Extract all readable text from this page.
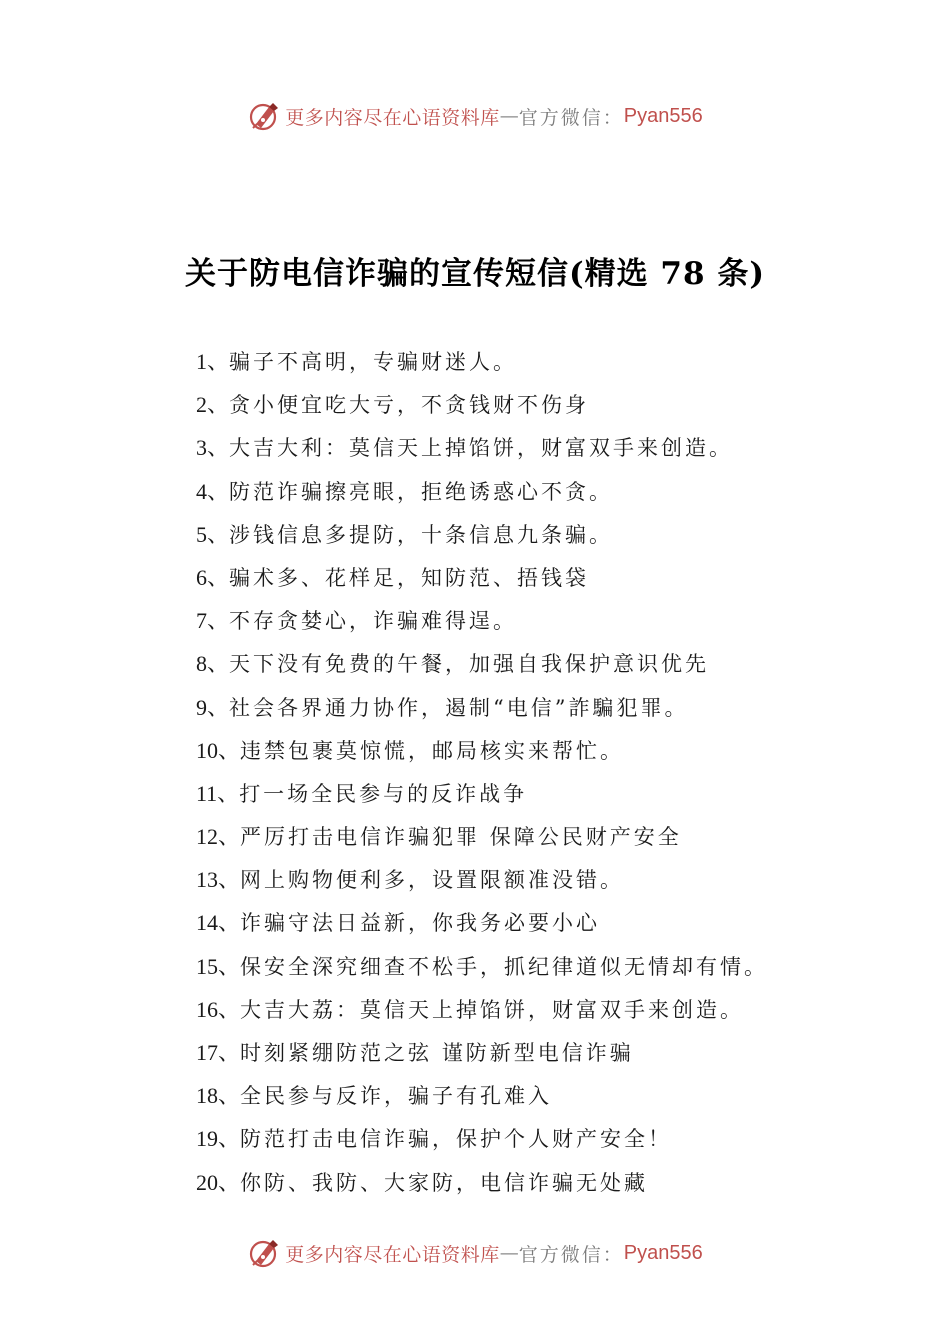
更多内容尽在心语资料库 — 官方微信： Pyan556
关于防电信诈骗的宣传短信(精选 78 条)
1、骗子不高明，专骗财迷人。
2、贪小便宜吃大亏，不贪钱财不伤身
3、大吉大利：莫信天上掉馅饼，财富双手来创造。
4、防范诈骗擦亮眼，拒绝诱惑心不贪。
5、涉钱信息多提防，十条信息九条骗。
6、骗术多、花样足，知防范、捂钱袋
7、不存贪婪心，诈骗难得逞。
8、天下没有免费的午餐，加强自我保护意识优先
9、社会各界通力协作，遏制“电信”詐騙犯罪。
10、违禁包裹莫惊慌，邮局核实来帮忙。
11、打一场全民参与的反诈战争
12、严厉打击电信诈骗犯罪 保障公民财产安全
13、网上购物便利多，设置限额准没错。
14、诈骗守法日益新，你我务必要小心
15、保安全深究细查不松手，抓纪律道似无情却有情。
16、大吉大荔：莫信天上掉馅饼，财富双手来创造。
17、时刻紧绷防范之弦 谨防新型电信诈骗
18、全民参与反诈，骗子有孔难入
19、防范打击电信诈骗，保护个人财产安全！
20、你防、我防、大家防，电信诈骗无处藏
更多内容尽在心语资料库 — 官方微信： Pyan556
